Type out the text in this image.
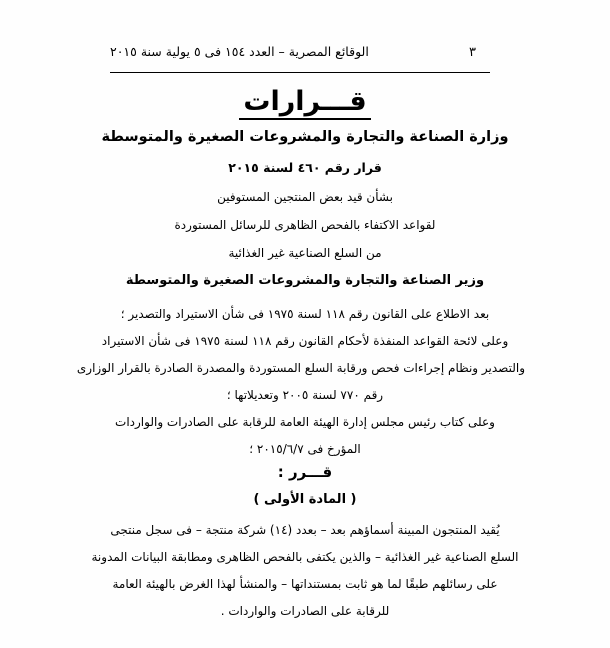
الوقائع المصرية – العدد ١٥٤ فى ٥ يولية سنة ٢٠١٥	٣
قـــرارات
وزارة الصناعة والتجارة والمشروعات الصغيرة والمتوسطة
قرار رقم ٤٦٠ لسنة ٢٠١٥
بشأن قيد بعض المنتجين المستوفين
لقواعد الاكتفاء بالفحص الظاهرى للرسائل المستوردة
من السلع الصناعية غير الغذائية
وزير الصناعة والتجارة والمشروعات الصغيرة والمتوسطة
بعد الاطلاع على القانون رقم ١١٨ لسنة ١٩٧٥ فى شأن الاستيراد والتصدير ؛
وعلى لائحة القواعد المنفذة لأحكام القانون رقم ١١٨ لسنة ١٩٧٥ فى شأن الاستيراد
والتصدير ونظام إجراءات فحص ورقابة السلع المستوردة والمصدرة الصادرة بالقرار الوزارى
رقم ٧٧٠ لسنة ٢٠٠٥ وتعديلاتها ؛
وعلى كتاب رئيس مجلس إدارة الهيئة العامة للرقابة على الصادرات والواردات
المؤرخ فى ٢٠١٥/٦/٧ ؛
قـــرر :
( المادة الأولى )
يُقيد المنتجون المبينة أسماؤهم بعد – بعدد (١٤) شركة منتجة – فى سجل منتجى
السلع الصناعية غير الغذائية – والذين يكتفى بالفحص الظاهرى ومطابقة البيانات المدونة
على رسائلهم طبقًا لما هو ثابت بمستنداتها – والمنشأ لهذا الغرض بالهيئة العامة
للرقابة على الصادرات والواردات .
